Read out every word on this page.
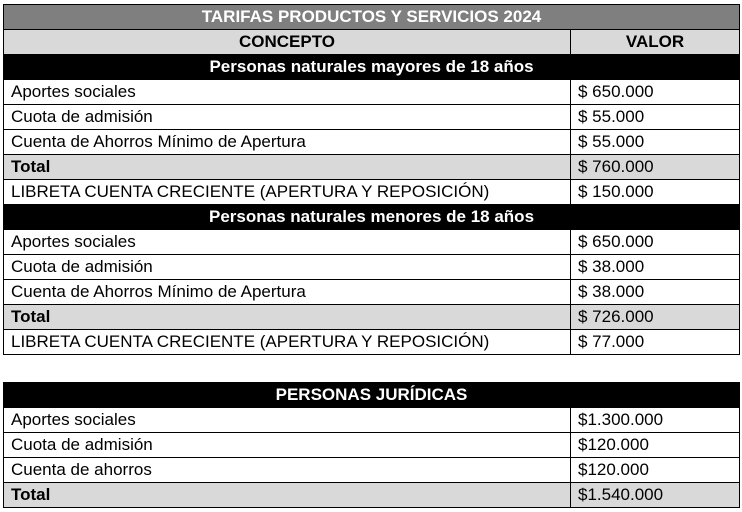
TARIFAS PRODUCTOS Y SERVICIOS 2024	
CONCEPTO	VALOR
Personas naturales mayores de 18 años	
Aportes sociales	$ 650.000
Cuota de admisión	$ 55.000
Cuenta de Ahorros Mínimo de Apertura	$ 55.000
Total	$ 760.000
LIBRETA CUENTA CRECIENTE (APERTURA Y REPOSICIÓN)	$ 150.000
Personas naturales menores de 18 años	
Aportes sociales	$ 650.000
Cuota de admisión	$ 38.000
Cuenta de Ahorros Mínimo de Apertura	$ 38.000
Total	$ 726.000
LIBRETA CUENTA CRECIENTE (APERTURA Y REPOSICIÓN)	$ 77.000
PERSONAS JURÍDICAS	
Aportes sociales	$1.300.000
Cuota de admisión	$120.000
Cuenta de ahorros	$120.000
Total	$1.540.000
